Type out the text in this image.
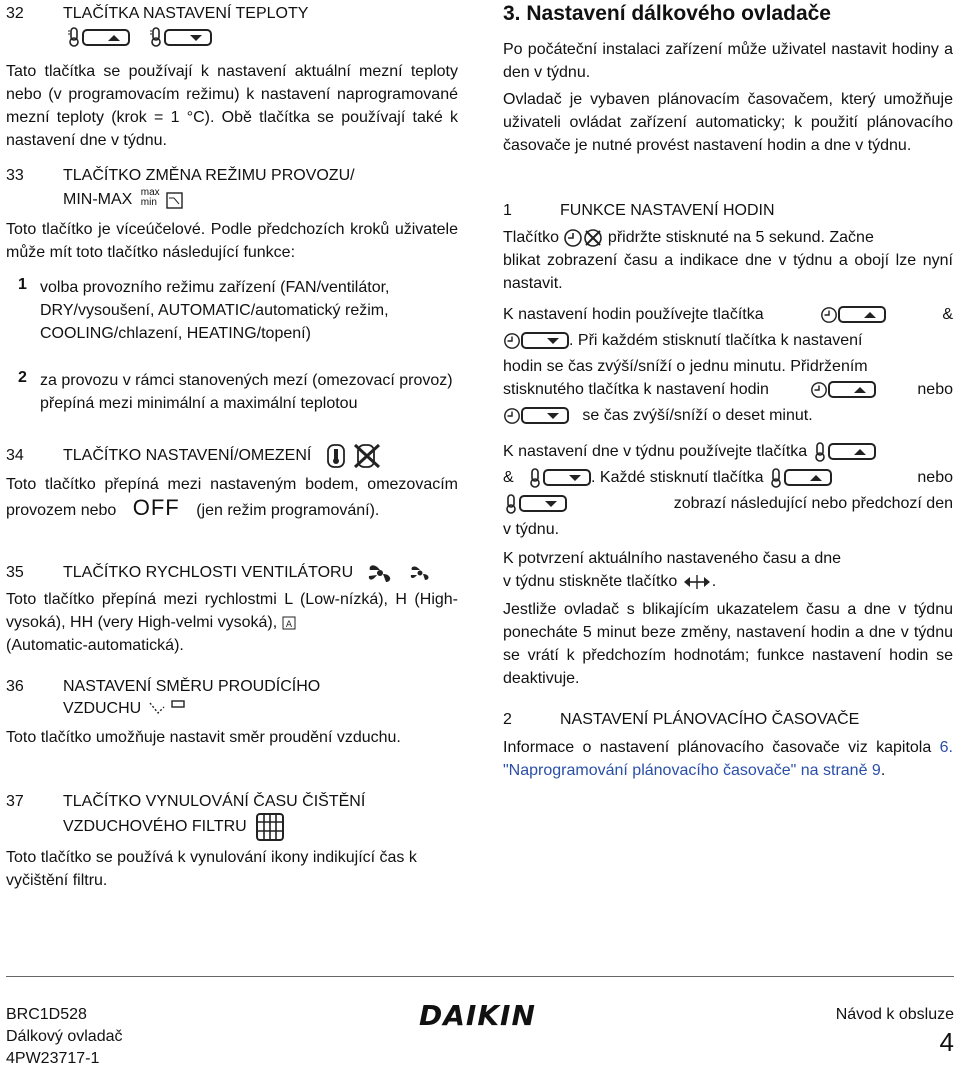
32 TLAČÍTKA NASTAVENÍ TEPLOTY

Tato tlačítka se používají k nastavení aktuální mezní teploty nebo (v programovacím režimu) k nastavení naprogramované mezní teploty (krok = 1 °C). Obě tlačítka se používají také k nastavení dne v týdnu.

33 TLAČÍTKO ZMĚNA REŽIMU PROVOZU/
MIN-MAX max
min

Toto tlačítko je víceúčelové. Podle předchozích kroků uživatele může mít toto tlačítko následující funkce:

1 volba provozního režimu zařízení (FAN/ventilátor, DRY/vysoušení, AUTOMATIC/automatický režim, COOLING/chlazení, HEATING/topení)

2 za provozu v rámci stanovených mezí (omezovací provoz) přepíná mezi minimální a maximální teplotou

34 TLAČÍTKO NASTAVENÍ/OMEZENÍ
Toto tlačítko přepíná mezi nastaveným bodem, omezovacím provozem nebo OFF (jen režim programování).
35 TLAČÍTKO RYCHLOSTI VENTILÁTORU

Toto tlačítko přepíná mezi rychlostmi L (Low-nízká), H (High-vysoká), HH (very High-velmi vysoká), A

(Automatic-automatická).

36 NASTAVENÍ SMĚRU PROUDÍCÍHO
VZDUCHU

Toto tlačítko umožňuje nastavit směr proudění vzduchu.

37 TLAČÍTKO VYNULOVÁNÍ ČASU ČIŠTĚNÍ
VZDUCHOVÉHO FILTRU

Toto tlačítko se používá k vynulování ikony indikující čas k vyčištění filtru.

3. Nastavení dálkového ovladače

Po počáteční instalaci zařízení může uživatel nastavit hodiny a den v týdnu.

Ovladač je vybaven plánovacím časovačem, který umožňuje uživateli ovládat zařízení automaticky; k použití plánovacího časovače je nutné provést nastavení hodin a dne v týdnu.

1	FUNKCE NASTAVENÍ HODIN

Tlačítko	přidržte stisknuté na 5 sekund. Začne

blikat zobrazení času a indikace dne v týdnu a obojí lze nyní nastavit.

K nastavení hodin používejte tlačítka	&

. Při každém stisknutí tlačítka k nastavení

hodin se čas zvýší/sníží o jednu minutu. Přidržením

stisknutého tlačítka k nastavení hodin	nebo

se čas zvýší/sníží o deset minut.

K nastavení dne v týdnu používejte tlačítka

&	. Každé stisknutí tlačítka	nebo

zobrazí následující nebo předchozí den

v týdnu.

K potvrzení aktuálního nastaveného času a dne

v týdnu stiskněte tlačítko .

Jestliže ovladač s blikajícím ukazatelem času a dne v týdnu ponecháte 5 minut beze změny, nastavení hodin a dne v týdnu se vrátí k předchozím hodnotám; funkce nastavení hodin se deaktivuje.

2	NASTAVENÍ PLÁNOVACÍHO ČASOVAČE

Informace o nastavení plánovacího časovače viz kapitola 6. "Naprogramování plánovacího časovače" na straně 9.

BRC1D528
Dálkový ovladač
4PW23717-1
DAIKIN	Návod k obsluze
4
